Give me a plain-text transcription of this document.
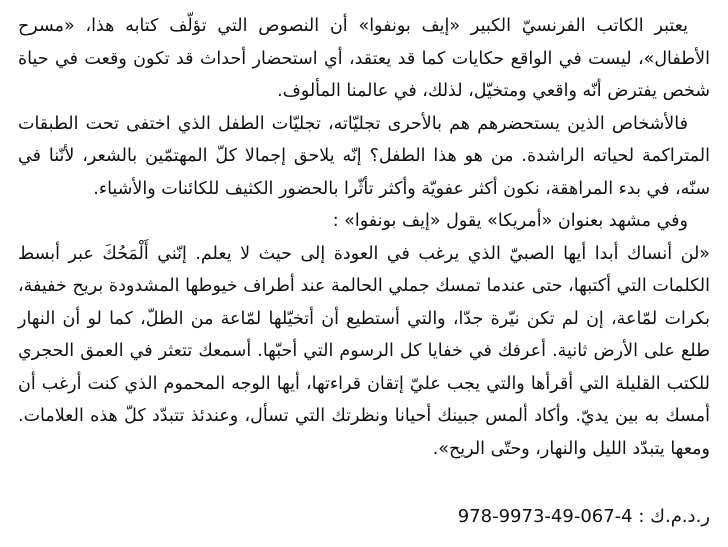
يعتبر الكاتب الفرنسيّ الكبير «إيف بونفوا» أن النصوص التي تؤلّف كتابه هذا، «مسرح الأطفال»، ليست في الواقع حكايات كما قد يعتقد، أي استحضار أحداث قد تكون وقعت في حياة شخص يفترض أنّه واقعي ومتخيّل، لذلك، في عالمنا المألوف.

فالأشخاص الذين يستحضرهم هم بالأحرى تجليّاته، تجليّات الطفل الذي اختفى تحت الطبقات المتراكمة لحياته الراشدة. من هو هذا الطفل؟ إنّه يلاحق إجمالا كلّ المهتمّين بالشعر، لأنّنا في سنّه، في بدء المراهقة، نكون أكثر عفويّة وأكثر تأثّرا بالحضور الكثيف للكائنات والأشياء.

وفي مشهد بعنوان «أمريكا» يقول «إيف بونفوا» :

«لن أنساك أبدا أيها الصبيّ الذي يرغب في العودة إلى حيث لا يعلم. إنّني أَلْمَحُكَ عبر أبسط الكلمات التي أكتبها، حتى عندما تمسك جملي الحالمة عند أطراف خيوطها المشدودة بريح خفيفة، بكرات لمّاعة، إن لم تكن نيّرة جدّا، والتي أستطيع أن أتخيّلها لمّاعة من الطلّ، كما لو أن النهار طلع على الأرض ثانية. أعرفك في خفايا كل الرسوم التي أحبّها. أسمعك تتعثر في العمق الحجري للكتب القليلة التي أقرأها والتي يجب عليّ إتقان قراءتها، أيها الوجه المحموم الذي كنت أرغب أن أمسك به بين يديّ. وأكاد ألمس جبينك أحيانا ونظرتك التي تسأل، وعندئذ تتبدّد كلّ هذه العلامات. ومعها يتبدّد الليل والنهار، وحتّى الريح».

ر.د.م.ك : 4-067-49-9973-978
